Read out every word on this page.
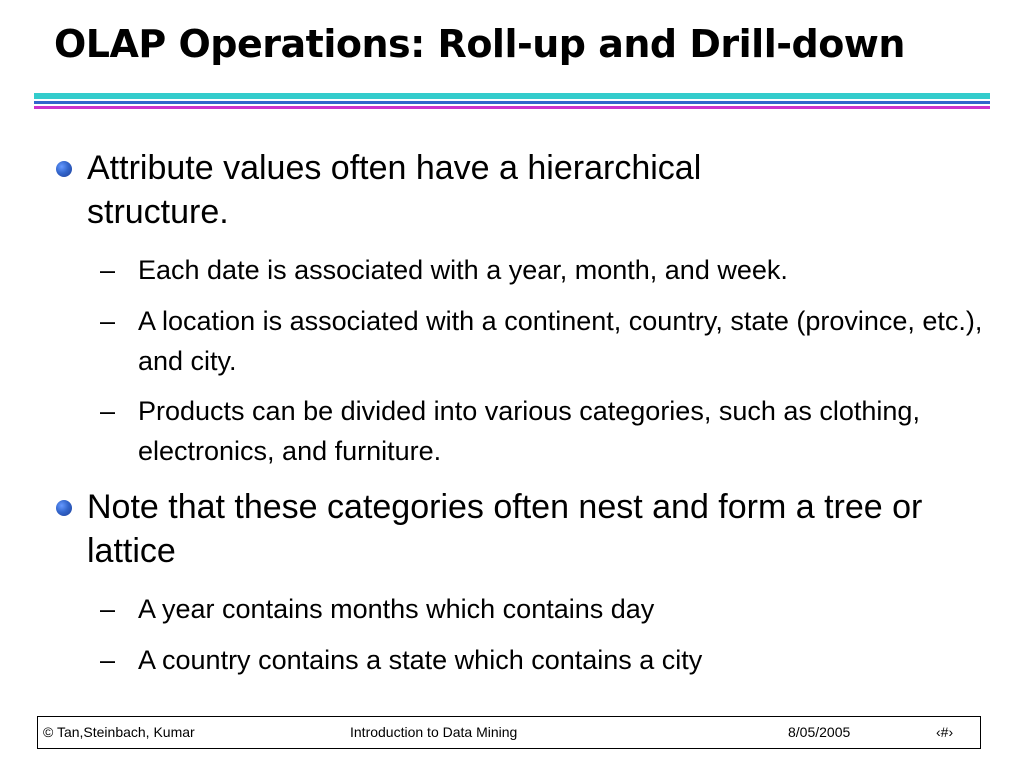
OLAP Operations: Roll-up and Drill-down

Attribute values often have a hierarchical structure.

– Each date is associated with a year, month, and week.

– A location is associated with a continent, country, state (province, etc.), and city.

– Products can be divided into various categories, such as clothing, electronics, and furniture.

Note that these categories often nest and form a tree or lattice

– A year contains months which contains day

– A country contains a state which contains a city

© Tan,Steinbach, Kumar	Introduction to Data Mining	8/05/2005	‹#›
